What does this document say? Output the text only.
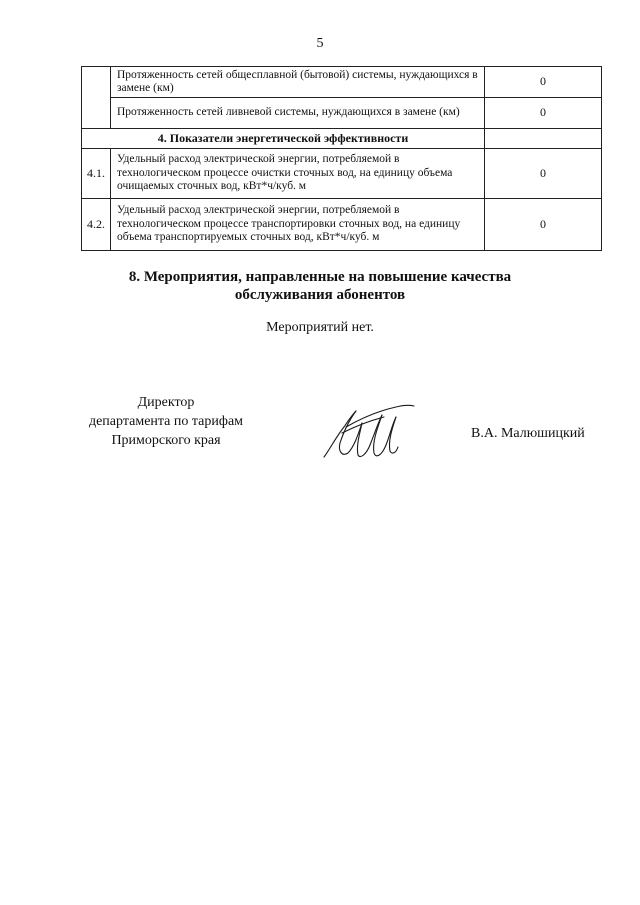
5
	Протяженность сетей общесплавной (бытовой) системы, нуждающихся в замене (км)	0
	Протяженность сетей ливневой системы, нуждающихся в замене (км)	0
4. Показатели энергетической эффективности		
4.1.	Удельный расход электрической энергии, потребляемой в технологическом процессе очистки сточных вод, на единицу объема очищаемых сточных вод, кВт*ч/куб. м	0
4.2.	Удельный расход электрической энергии, потребляемой в технологическом процессе транспортировки сточных вод, на единицу объема транспортируемых сточных вод, кВт*ч/куб. м	0
8. Мероприятия, направленные на повышение качества
обслуживания абонентов
Мероприятий нет.
Директор
департамента по тарифам
Приморского края	В.А. Малюшицкий
